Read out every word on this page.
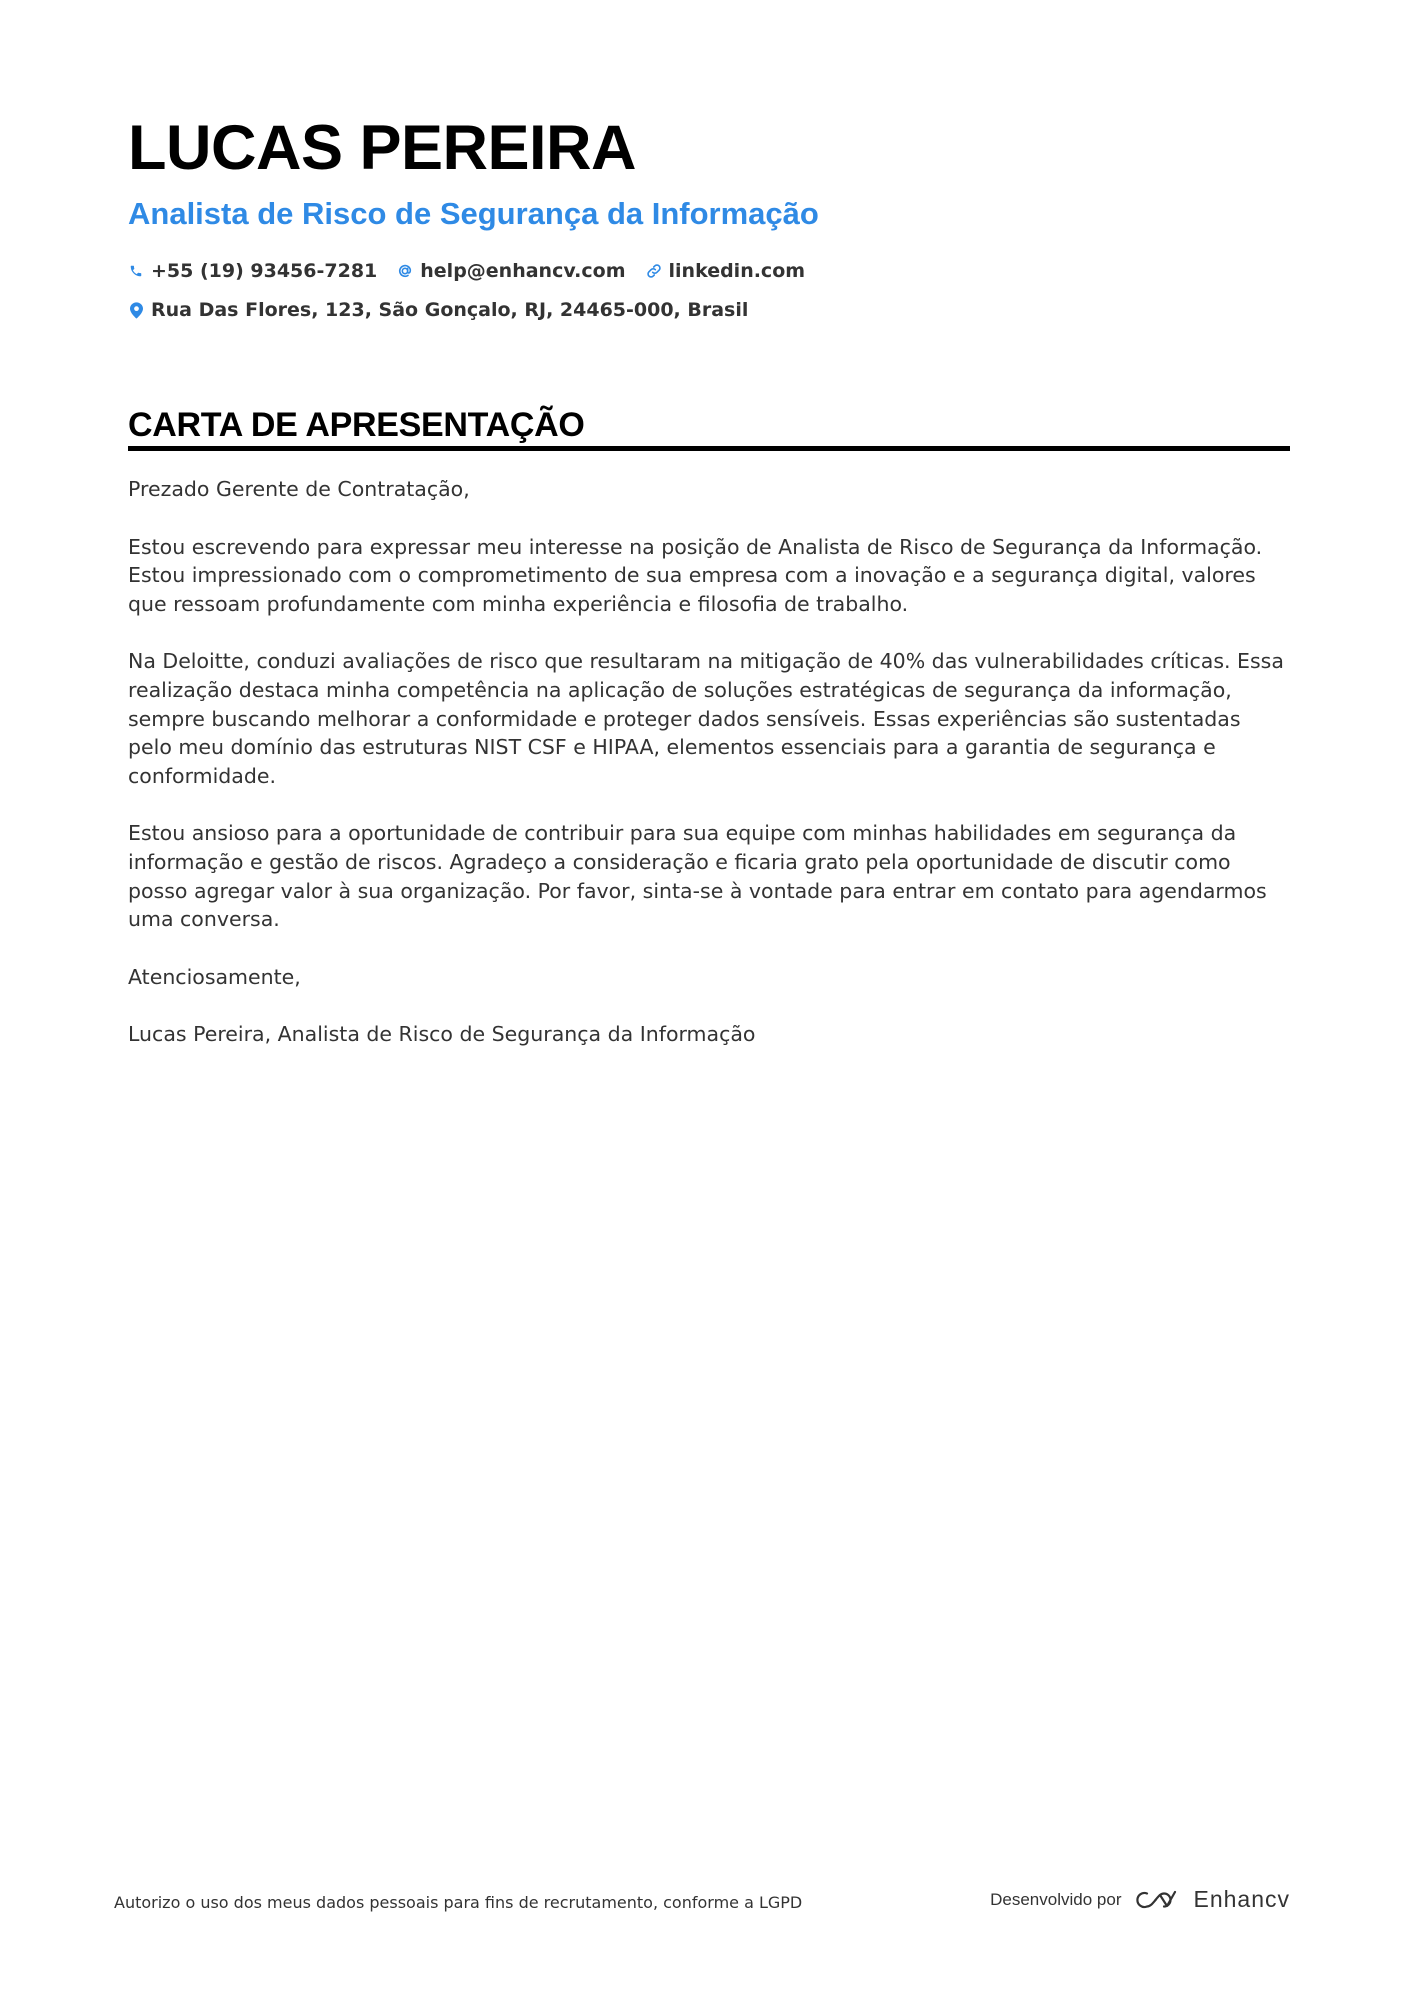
LUCAS PEREIRA
Analista de Risco de Segurança da Informação
+55 (19) 93456-7281 help@enhancv.com linkedin.com
Rua Das Flores, 123, São Gonçalo, RJ, 24465-000, Brasil
CARTA DE APRESENTAÇÃO

Prezado Gerente de Contratação,

Estou escrevendo para expressar meu interesse na posição de Analista de Risco de Segurança da Informação. Estou impressionado com o comprometimento de sua empresa com a inovação e a segurança digital, valores que ressoam profundamente com minha experiência e filosofia de trabalho.

Na Deloitte, conduzi avaliações de risco que resultaram na mitigação de 40% das vulnerabilidades críticas. Essa realização destaca minha competência na aplicação de soluções estratégicas de segurança da informação, sempre buscando melhorar a conformidade e proteger dados sensíveis. Essas experiências são sustentadas pelo meu domínio das estruturas NIST CSF e HIPAA, elementos essenciais para a garantia de segurança e conformidade.

Estou ansioso para a oportunidade de contribuir para sua equipe com minhas habilidades em segurança da informação e gestão de riscos. Agradeço a consideração e ficaria grato pela oportunidade de discutir como posso agregar valor à sua organização. Por favor, sinta-se à vontade para entrar em contato para agendarmos uma conversa.

Atenciosamente,

Lucas Pereira, Analista de Risco de Segurança da Informação

Autorizo o uso dos meus dados pessoais para fins de recrutamento, conforme a LGPD	Desenvolvido por	Enhancv
